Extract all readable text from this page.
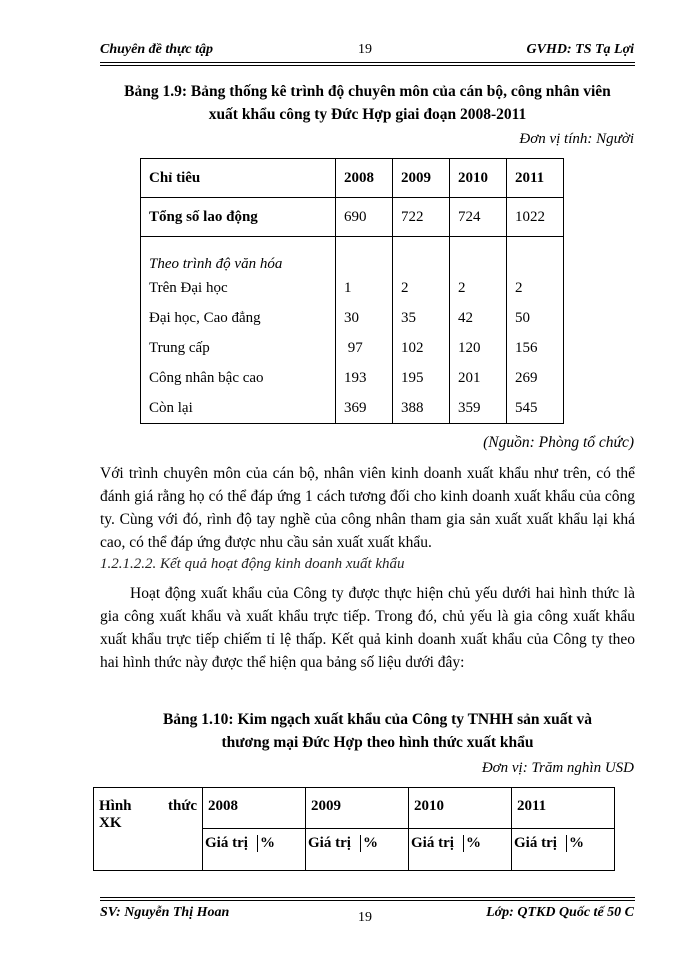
Chuyên đề thực tập	19	GVHD: TS Tạ Lợi
Bảng 1.9: Bảng thống kê trình độ chuyên môn của cán bộ, công nhân viên
xuất khẩu công ty Đức Hợp giai đoạn 2008-2011
Đơn vị tính: Người
Chỉ tiêu	2008	2009	2010	2011
Tổng số lao động	690	722	724	1022
Theo trình độ văn hóa				
Trên Đại học	1	2	2	2
Đại học, Cao đẳng	30	35	42	50
Trung cấp	97	102	120	156
Công nhân bậc cao	193	195	201	269
Còn lại	369	388	359	545
(Nguồn: Phòng tổ chức)
Với trình chuyên môn của cán bộ, nhân viên kinh doanh xuất khẩu như trên, có thể đánh giá rằng họ có thể đáp ứng 1 cách tương đối cho kinh doanh xuất khẩu của công ty. Cùng với đó, rình độ tay nghề của công nhân tham gia sản xuất xuất khẩu lại khá cao, có thể đáp ứng được nhu cầu sản xuất xuất khẩu.
1.2.1.2.2. Kết quả hoạt động kinh doanh xuất khẩu
Hoạt động xuất khẩu của Công ty được thực hiện chủ yếu dưới hai hình thức là gia công xuất khẩu và xuất khẩu trực tiếp. Trong đó, chủ yếu là gia công xuất khẩu xuất khẩu trực tiếp chiếm tỉ lệ thấp. Kết quả kinh doanh xuất khẩu của Công ty theo hai hình thức này được thể hiện qua bảng số liệu dưới đây:
Bảng 1.10: Kim ngạch xuất khẩu của Công ty TNHH sản xuất và
thương mại Đức Hợp theo hình thức xuất khẩu
Đơn vị: Trăm nghìn USD
Hình thức
XK	2008	2009	2010	2011

	Giá trị %	Giá trị %	Giá trị %	Giá trị %
SV: Nguyễn Thị Hoan	19	Lớp: QTKD Quốc tế 50 C
